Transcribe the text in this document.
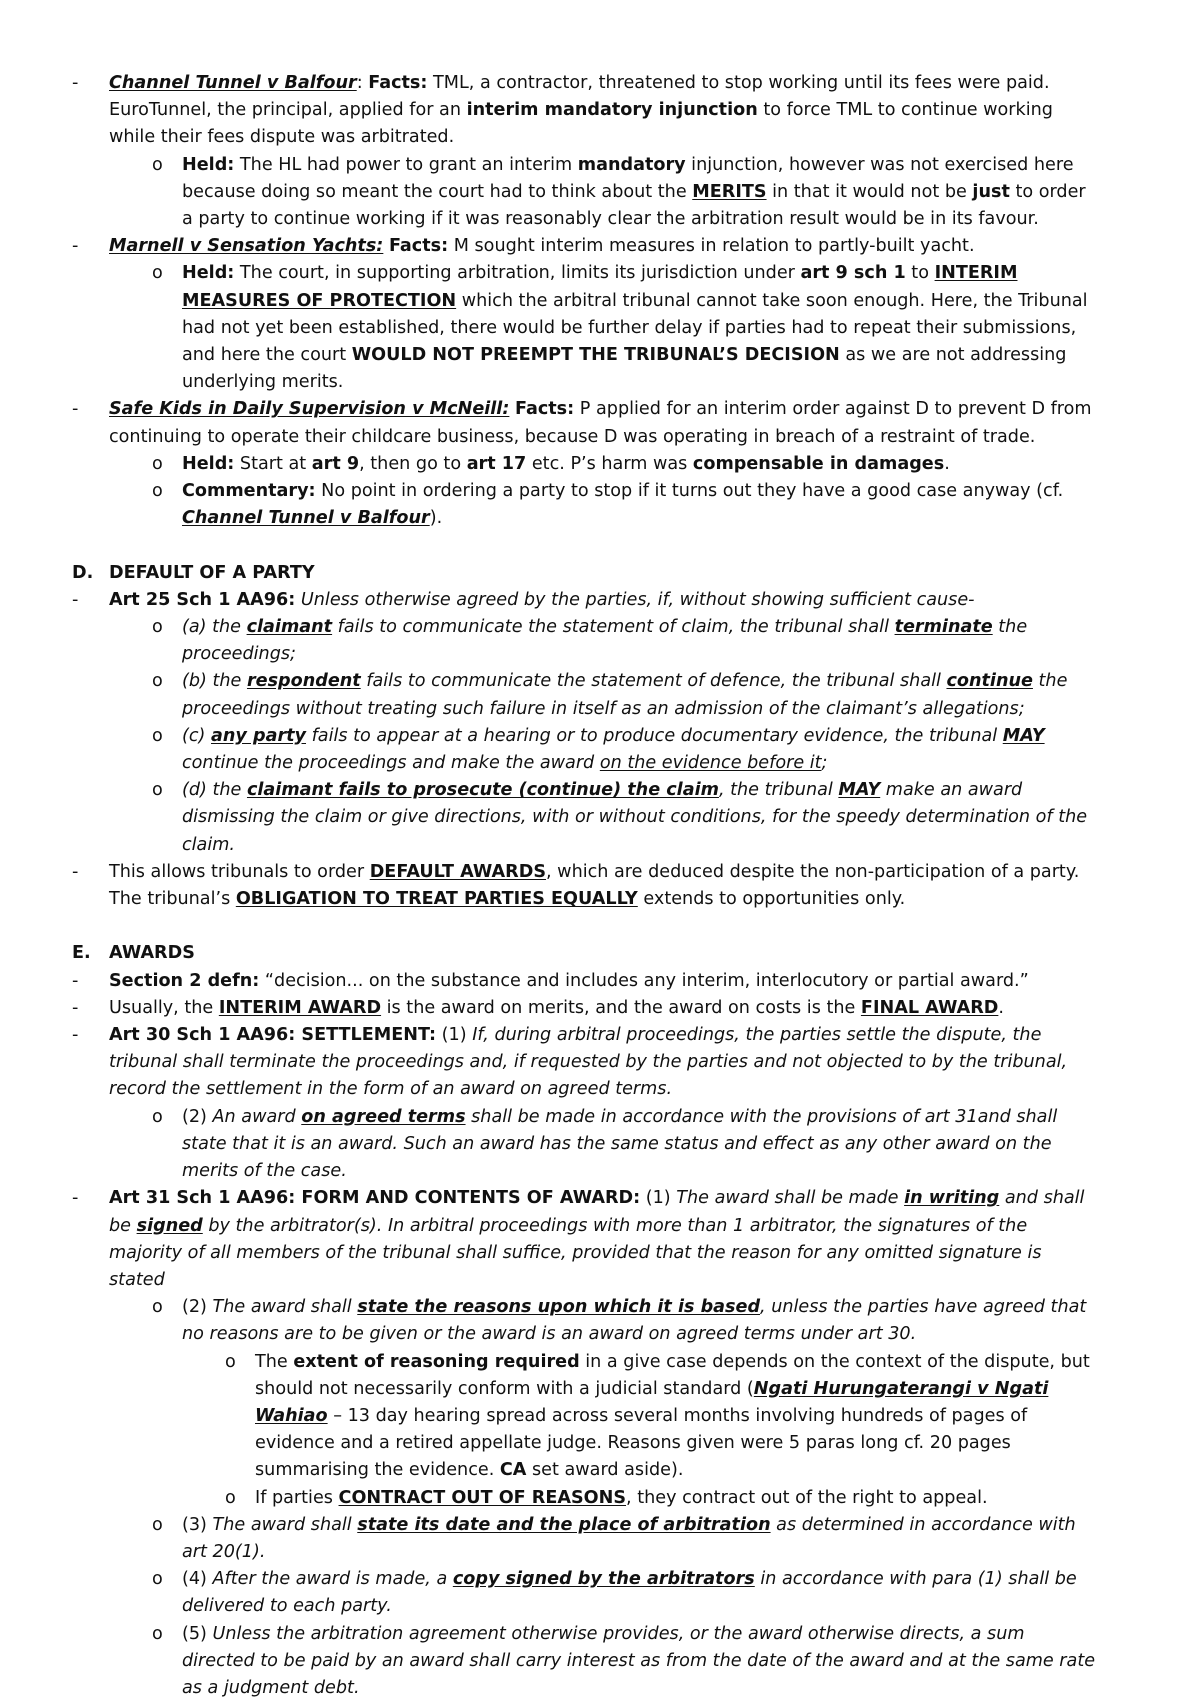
- Channel Tunnel v Balfour: Facts: TML, a contractor, threatened to stop working until its fees were paid. EuroTunnel, the principal, applied for an interim mandatory injunction to force TML to continue working while their fees dispute was arbitrated.
o Held: The HL had power to grant an interim mandatory injunction, however was not exercised here because doing so meant the court had to think about the MERITS in that it would not be just to order a party to continue working if it was reasonably clear the arbitration result would be in its favour.
- Marnell v Sensation Yachts: Facts: M sought interim measures in relation to partly-built yacht.
o Held: The court, in supporting arbitration, limits its jurisdiction under art 9 sch 1 to INTERIM MEASURES OF PROTECTION which the arbitral tribunal cannot take soon enough. Here, the Tribunal had not yet been established, there would be further delay if parties had to repeat their submissions, and here the court WOULD NOT PREEMPT THE TRIBUNAL’S DECISION as we are not addressing underlying merits.
- Safe Kids in Daily Supervision v McNeill: Facts: P applied for an interim order against D to prevent D from continuing to operate their childcare business, because D was operating in breach of a restraint of trade.
o Held: Start at art 9, then go to art 17 etc. P’s harm was compensable in damages.
o Commentary: No point in ordering a party to stop if it turns out they have a good case anyway (cf. Channel Tunnel v Balfour).
D. DEFAULT OF A PARTY
- Art 25 Sch 1 AA96: Unless otherwise agreed by the parties, if, without showing sufficient cause-
o (a) the claimant fails to communicate the statement of claim, the tribunal shall terminate the proceedings;
o (b) the respondent fails to communicate the statement of defence, the tribunal shall continue the proceedings without treating such failure in itself as an admission of the claimant’s allegations;
o (c) any party fails to appear at a hearing or to produce documentary evidence, the tribunal MAY continue the proceedings and make the award on the evidence before it;
o (d) the claimant fails to prosecute (continue) the claim, the tribunal MAY make an award dismissing the claim or give directions, with or without conditions, for the speedy determination of the claim.
- This allows tribunals to order DEFAULT AWARDS, which are deduced despite the non-participation of a party. The tribunal’s OBLIGATION TO TREAT PARTIES EQUALLY extends to opportunities only.
E. AWARDS
- Section 2 defn: “decision... on the substance and includes any interim, interlocutory or partial award.”
- Usually, the INTERIM AWARD is the award on merits, and the award on costs is the FINAL AWARD.
- Art 30 Sch 1 AA96: SETTLEMENT: (1) If, during arbitral proceedings, the parties settle the dispute, the tribunal shall terminate the proceedings and, if requested by the parties and not objected to by the tribunal, record the settlement in the form of an award on agreed terms.
o (2) An award on agreed terms shall be made in accordance with the provisions of art 31and shall state that it is an award. Such an award has the same status and effect as any other award on the merits of the case.
- Art 31 Sch 1 AA96: FORM AND CONTENTS OF AWARD: (1) The award shall be made in writing and shall be signed by the arbitrator(s). In arbitral proceedings with more than 1 arbitrator, the signatures of the majority of all members of the tribunal shall suffice, provided that the reason for any omitted signature is stated
o (2) The award shall state the reasons upon which it is based, unless the parties have agreed that no reasons are to be given or the award is an award on agreed terms under art 30.
o The extent of reasoning required in a give case depends on the context of the dispute, but should not necessarily conform with a judicial standard (Ngati Hurungaterangi v Ngati Wahiao – 13 day hearing spread across several months involving hundreds of pages of evidence and a retired appellate judge. Reasons given were 5 paras long cf. 20 pages summarising the evidence. CA set award aside).
o If parties CONTRACT OUT OF REASONS, they contract out of the right to appeal.
o (3) The award shall state its date and the place of arbitration as determined in accordance with art 20(1).
o (4) After the award is made, a copy signed by the arbitrators in accordance with para (1) shall be delivered to each party.
o (5) Unless the arbitration agreement otherwise provides, or the award otherwise directs, a sum directed to be paid by an award shall carry interest as from the date of the award and at the same rate as a judgment debt.
